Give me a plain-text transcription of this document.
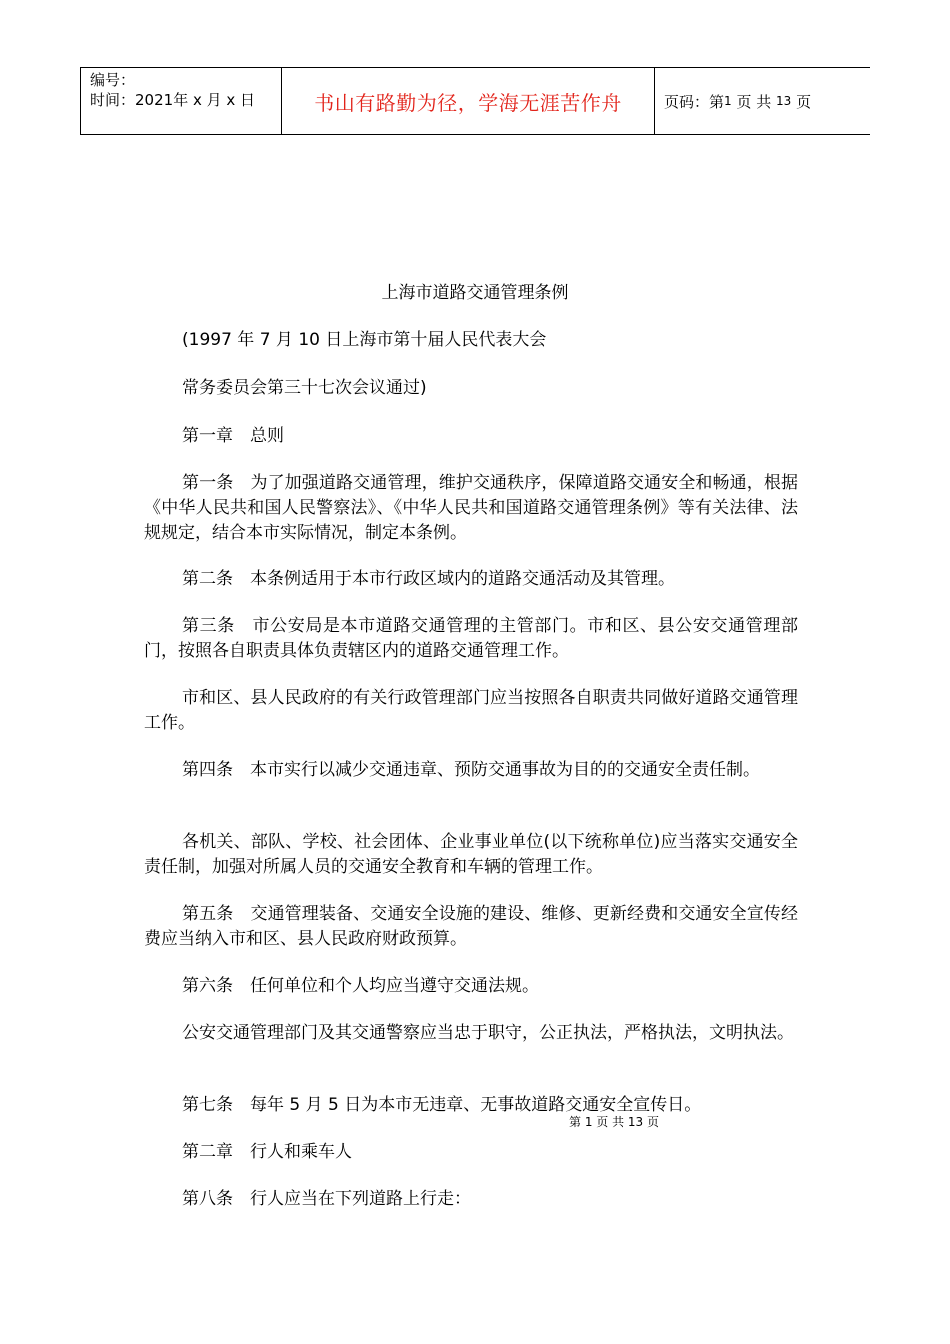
编号：
时间：2021年 x 月 x 日	书山有路勤为径，学海无涯苦作舟	页码：第 1
页 共
13
页
上海市道路交通管理条例

(1997 年 7 月 10 日上海市第十届人民代表大会

常务委员会第三十七次会议通过)

第一章　总则

第一条　为了加强道路交通管理，维护交通秩序，保障道路交通安全和畅通，根据《中华人民共和国人民警察法》、《中华人民共和国道路交通管理条例》等有关法律、法规规定，结合本市实际情况，制定本条例。

第二条　本条例适用于本市行政区域内的道路交通活动及其管理。

第三条　市公安局是本市道路交通管理的主管部门。市和区、县公安交通管理部门，按照各自职责具体负责辖区内的道路交通管理工作。

市和区、县人民政府的有关行政管理部门应当按照各自职责共同做好道路交通管理工作。

第四条　本市实行以减少交通违章、预防交通事故为目的的交通安全责任制。

各机关、部队、学校、社会团体、企业事业单位(以下统称单位)应当落实交通安全责任制，加强对所属人员的交通安全教育和车辆的管理工作。

第五条　交通管理装备、交通安全设施的建设、维修、更新经费和交通安全宣传经费应当纳入市和区、县人民政府财政预算。

第六条　任何单位和个人均应当遵守交通法规。

公安交通管理部门及其交通警察应当忠于职守，公正执法，严格执法，文明执法。

第七条　每年 5 月 5 日为本市无违章、无事故道路交通安全宣传日。

第 1 页 共 13 页

第二章　行人和乘车人

第八条　行人应当在下列道路上行走：
